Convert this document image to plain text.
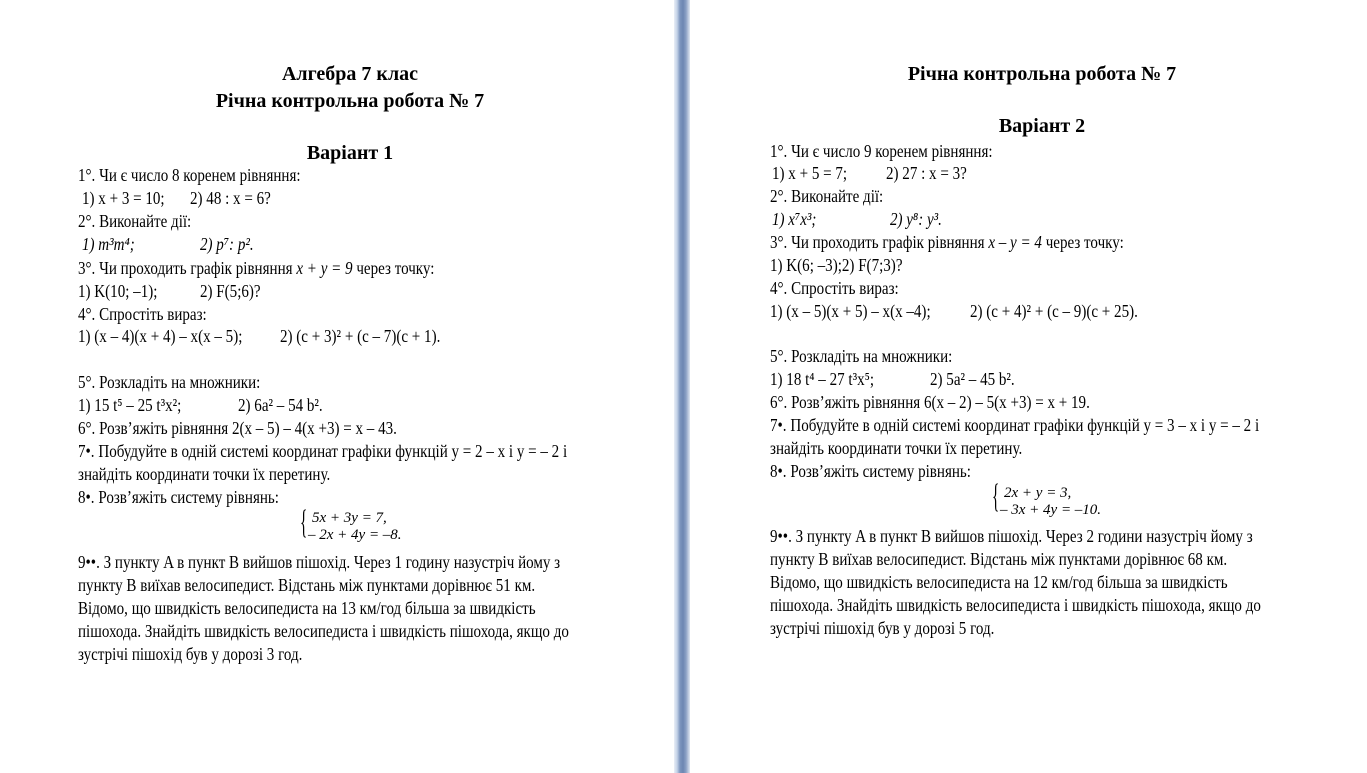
Алгебра 7 клас
Річна контрольна робота № 7
Варіант 1
1°. Чи є число 8 коренем рівняння:
1) x + 3 = 10; 2) 48 : x = 6?
2°. Виконайте дії:
1) m³m⁴;	2) p⁷: p².
3°. Чи проходить графік рівняння x + y = 9 через точку:
1) K(10; –1); 2) F(5;6)?
4°. Спростіть вираз:
1) (x – 4)(x + 4) – x(x – 5); 2) (c + 3)² + (c – 7)(c + 1).
5°. Розкладіть на множники:
1) 15 t⁵ – 25 t³x²;	2) 6a² – 54 b².
6°. Розв’яжіть рівняння 2(x – 5) – 4(x +3) = x – 43.
7•. Побудуйте в одній системі координат графіки функцій y = 2 – x і y = – 2 і
знайдіть координати точки їх перетину.
8•. Розв’яжіть систему рівнянь:
{ 5x + 3y = 7,
– 2x + 4y = –8.
9••. З пункту A в пункт B вийшов пішохід. Через 1 годину назустріч йому з
пункту B виїхав велосипедист. Відстань між пунктами дорівнює 51 км.
Відомо, що швидкість велосипедиста на 13 км/год більша за швидкість
пішохода. Знайдіть швидкість велосипедиста і швидкість пішохода, якщо до
зустрічі пішохід був у дорозі 3 год.
Річна контрольна робота № 7
Варіант 2
1°. Чи є число 9 коренем рівняння:
1) x + 5 = 7; 2) 27 : x = 3?
2°. Виконайте дії:
1) x⁷x³;	2) y⁸: y³.
3°. Чи проходить графік рівняння x – y = 4 через точку:
1) K(6; –3);2) F(7;3)?
4°. Спростіть вираз:
1) (x – 5)(x + 5) – x(x –4); 2) (c + 4)² + (c – 9)(c + 25).
5°. Розкладіть на множники:
1) 18 t⁴ – 27 t³x⁵;	2) 5a² – 45 b².
6°. Розв’яжіть рівняння 6(x – 2) – 5(x +3) = x + 19.
7•. Побудуйте в одній системі координат графіки функцій y = 3 – x і y = – 2 і
знайдіть координати точки їх перетину.
8•. Розв’яжіть систему рівнянь:
{ 2x + y = 3,
– 3x + 4y = –10.
9••. З пункту A в пункт B вийшов пішохід. Через 2 години назустріч йому з
пункту B виїхав велосипедист. Відстань між пунктами дорівнює 68 км.
Відомо, що швидкість велосипедиста на 12 км/год більша за швидкість
пішохода. Знайдіть швидкість велосипедиста і швидкість пішохода, якщо до
зустрічі пішохід був у дорозі 5 год.
